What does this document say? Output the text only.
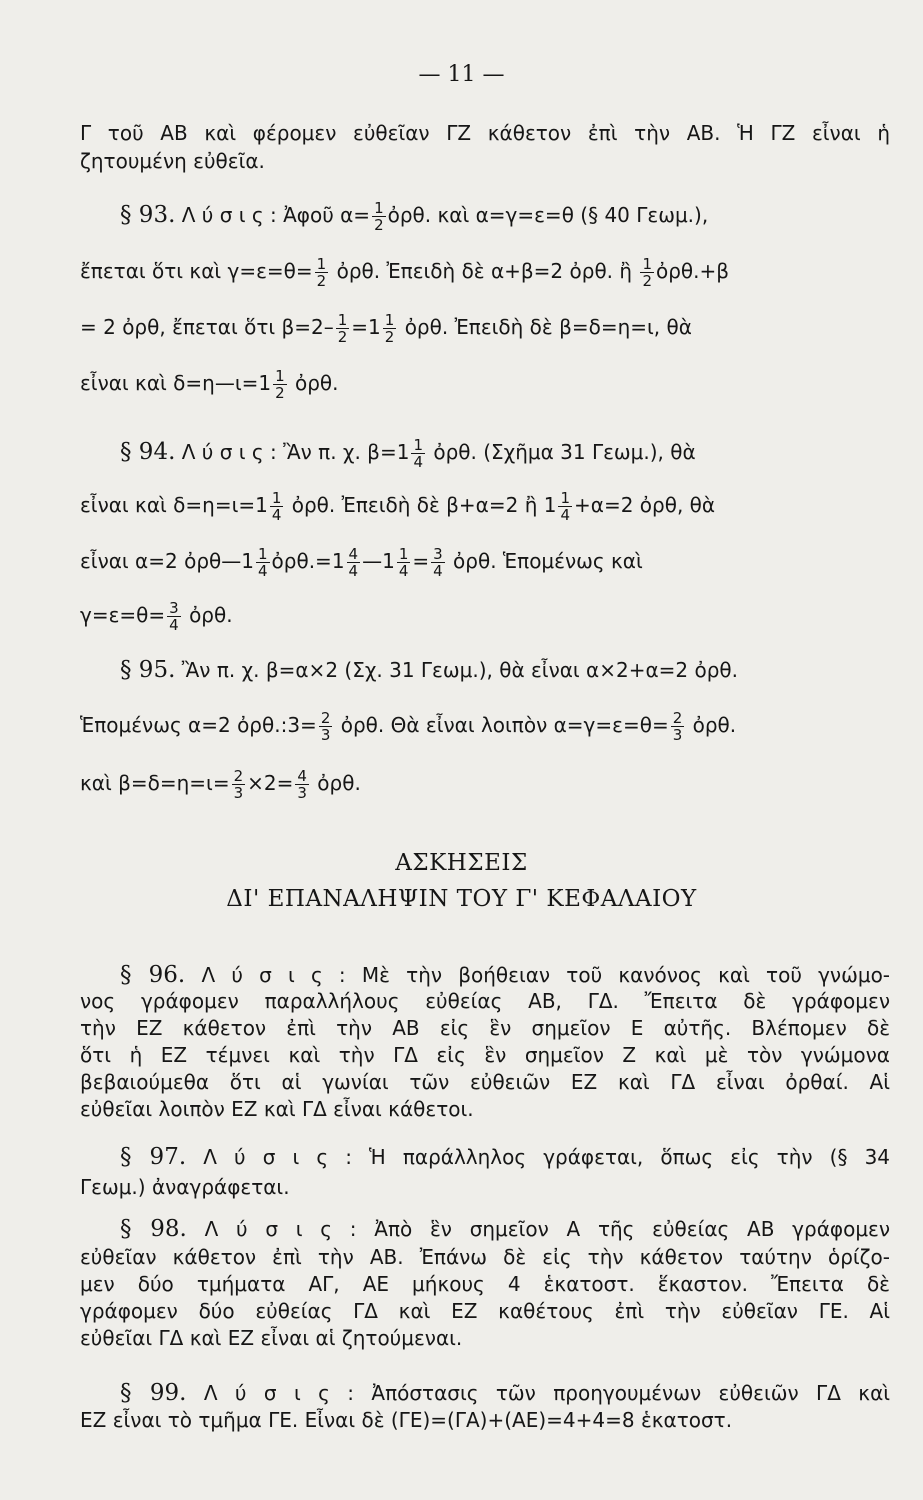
— 11 —
Γ τοῦ ΑΒ καὶ φέρομεν εὐθεῖαν ΓΖ κάθετον ἐπὶ τὴν ΑΒ. Ἡ ΓΖ εἶναι ἡ
ζητουμένη εὐθεῖα.
§ 93. Λ ύ σ ι ς : Ἀφοῦ $\alpha= \frac{1}{2}$ ὀρθ. καὶ α=γ=ε=θ (§ 40 Γεωμ.),
ἔπεται ὅτι καὶ $\gamma=\varepsilon=\theta= \frac{1}{2}$ ὀρθ. Ἐπειδὴ δὲ α+β=2 ὀρθ. ἢ $\frac{1}{2}$ ὀρθ.+β
= 2 ὀρθ, ἔπεται ὅτι $\beta=2- \frac{1}{2} =1 \frac{1}{2}$ ὀρθ. Ἐπειδὴ δὲ β=δ=η=ι, θὰ
εἶναι καὶ δ=η—ι=1 $\frac{1}{2}$ ὀρθ.
§ 94. Λ ύ σ ι ς : Ἂν π. χ. $\beta=1 \frac{1}{4}$ ὀρθ. (Σχῆμα 31 Γεωμ.), θὰ
εἶναι καὶ $\delta=\eta=\iota=1 \frac{1}{4}$ ὀρθ. Ἐπειδὴ δὲ β+α=2 ἢ $1 \frac{1}{4} +\alpha=2$ ὀρθ, θὰ
εἶναι α=2 ὀρθ—1 $\frac{1}{4}$ ὀρθ.=1 $\frac{4}{4}$ —1 $\frac{1}{4} = \frac{3}{4}$ ὀρθ. Ἑπομένως καὶ
$\gamma=\varepsilon=\theta= \frac{3}{4}$ ὀρθ.
§ 95. Ἂν π. χ. β=α×2 (Σχ. 31 Γεωμ.), θὰ εἶναι α×2+α=2 ὀρθ.
Ἑπομένως α=2 ὀρθ.:3= $\frac{2}{3}$ ὀρθ. Θὰ εἶναι λοιπὸν $\alpha=\gamma=\varepsilon=\theta= \frac{2}{3}$ ὀρθ.
καὶ $\beta=\delta=\eta=\iota= \frac{2}{3} \times 2= \frac{4}{3}$ ὀρθ.
ΑΣΚΗΣΕΙΣ
ΔΙ' ΕΠΑΝΑΛΗΨΙΝ ΤΟΥ Γ' ΚΕΦΑΛΑΙΟΥ
§ 96. Λ ύ σ ι ς : Μὲ τὴν βοήθειαν τοῦ κανόνος καὶ τοῦ γνώμο-
νος γράφομεν παραλλήλους εὐθείας ΑΒ, ΓΔ. Ἔπειτα δὲ γράφομεν
τὴν ΕΖ κάθετον ἐπὶ τὴν ΑΒ εἰς ἓν σημεῖον Ε αὐτῆς. Βλέπομεν δὲ
ὅτι ἡ ΕΖ τέμνει καὶ τὴν ΓΔ εἰς ἓν σημεῖον Ζ καὶ μὲ τὸν γνώμονα
βεβαιούμεθα ὅτι αἱ γωνίαι τῶν εὐθειῶν ΕΖ καὶ ΓΔ εἶναι ὀρθαί. Αἱ
εὐθεῖαι λοιπὸν ΕΖ καὶ ΓΔ εἶναι κάθετοι.
§ 97. Λ ύ σ ι ς : Ἡ παράλληλος γράφεται, ὅπως εἰς τὴν (§ 34
Γεωμ.) ἀναγράφεται.
§ 98. Λ ύ σ ι ς : Ἀπὸ ἓν σημεῖον Α τῆς εὐθείας ΑΒ γράφομεν
εὐθεῖαν κάθετον ἐπὶ τὴν ΑΒ. Ἐπάνω δὲ εἰς τὴν κάθετον ταύτην ὁρίζο-
μεν δύο τμήματα ΑΓ, ΑΕ μήκους 4 ἑκατοστ. ἕκαστον. Ἔπειτα δὲ
γράφομεν δύο εὐθείας ΓΔ καὶ ΕΖ καθέτους ἐπὶ τὴν εὐθεῖαν ΓΕ. Αἱ
εὐθεῖαι ΓΔ καὶ ΕΖ εἶναι αἱ ζητούμεναι.
§ 99. Λ ύ σ ι ς : Ἀπόστασις τῶν προηγουμένων εὐθειῶν ΓΔ καὶ
ΕΖ εἶναι τὸ τμῆμα ΓΕ. Εἶναι δὲ (ΓΕ)=(ΓΑ)+(ΑΕ)=4+4=8 ἑκατοστ.
